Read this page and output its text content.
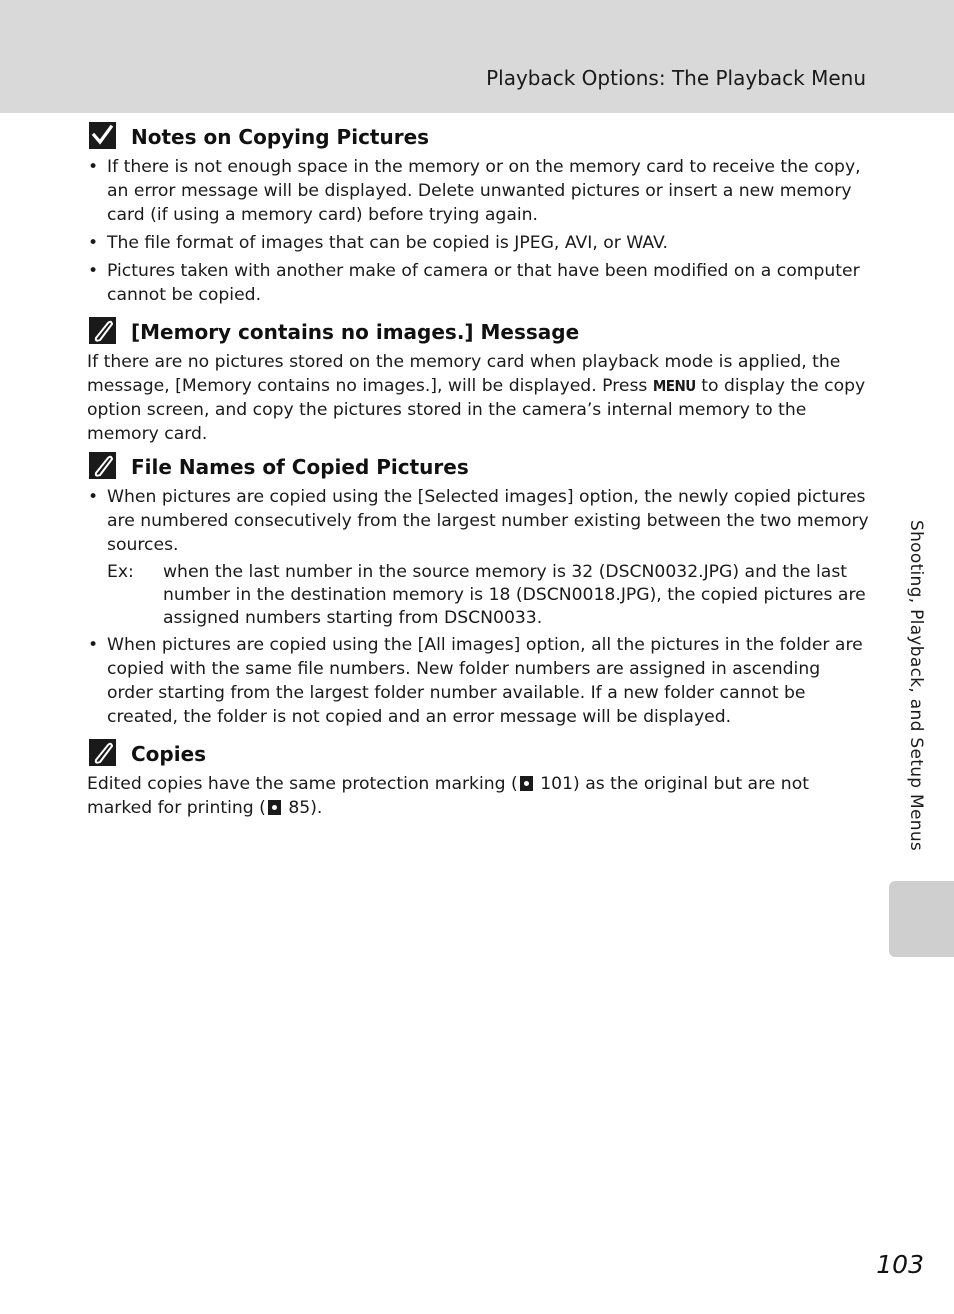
Playback Options: The Playback Menu
Notes on Copying Pictures
• If there is not enough space in the memory or on the memory card to receive the copy, an error message will be displayed. Delete unwanted pictures or insert a new memory card (if using a memory card) before trying again.
• The file format of images that can be copied is JPEG, AVI, or WAV.
• Pictures taken with another make of camera or that have been modified on a computer cannot be copied.
[Memory contains no images.] Message

If there are no pictures stored on the memory card when playback mode is applied, the message, [Memory contains no images.], will be displayed. Press MENU to display the copy option screen, and copy the pictures stored in the camera’s internal memory to the memory card.

File Names of Copied Pictures
• When pictures are copied using the [Selected images] option, the newly copied pictures are numbered consecutively from the largest number existing between the two memory sources.
Ex: when the last number in the source memory is 32 (DSCN0032.JPG) and the last number in the destination memory is 18 (DSCN0018.JPG), the copied pictures are assigned numbers starting from DSCN0033.
• When pictures are copied using the [All images] option, all the pictures in the folder are copied with the same file numbers. New folder numbers are assigned in ascending order starting from the largest folder number available. If a new folder cannot be created, the folder is not copied and an error message will be displayed.
Copies

Edited copies have the same protection marking ( 101) as the original but are not marked for printing ( 85).	Shooting, Playback, and Setup Menus
103
